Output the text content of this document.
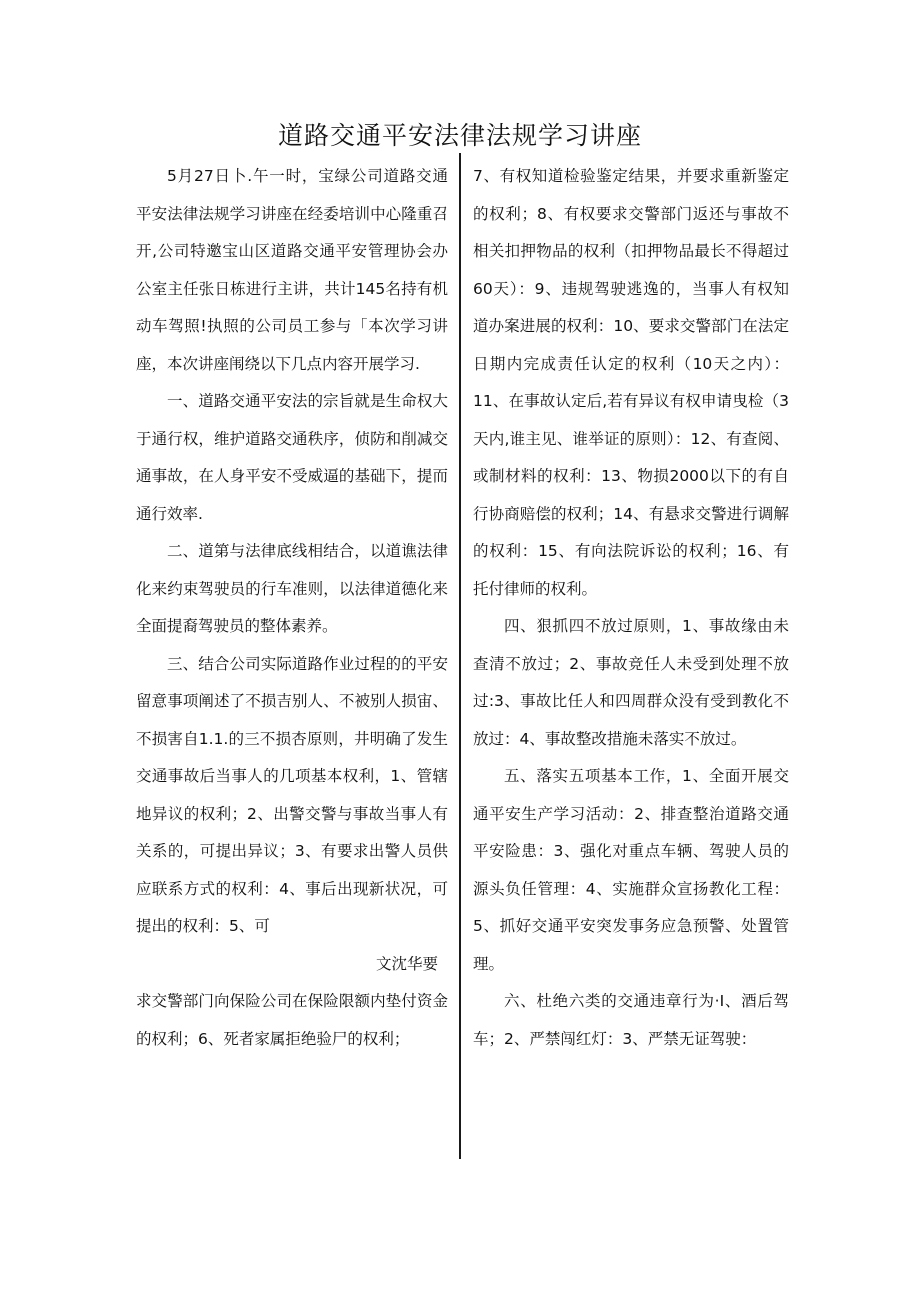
道路交通平安法律法规学习讲座

5月27日卜.午一时，宝绿公司道路交通平安法律法规学习讲座在经委培训中心隆重召开,公司特邀宝山区道路交通平安管理协会办公室主任张日栋进行主讲，共计145名持有机动车驾照!执照的公司员工参与「本次学习讲座，本次讲座闱绕以下几点内容开展学习.

一、道路交通平安法的宗旨就是生命权大于通行权，维护道路交通秩序，侦防和削减交通事故，在人身平安不受威逼的基础下，提而通行效率.

二、道第与法律底线相结合，以道谯法律化来约束驾驶员的行车准则，以法律道德化来全面提裔驾驶员的整体素养。

三、结合公司实际道路作业过程的的平安留意事项阐述了不损吉别人、不被别人损宙、不损害自1.1.的三不损杏原则，井明确了发生交通事故后当事人的几项基本权利，1、管辖地异议的权利；2、出警交警与事故当事人有关系的，可提出异议；3、有要求出警人员供应联系方式的权利：4、事后出现新状况，可提出的权利：5、可

文沈华要

求交警部门向保险公司在保险限额内垫付资金的权利；6、死者家属拒绝验尸的权利；

7、有权知道检验鉴定结果，并要求重新鉴定的权利；8、有权要求交警部门返还与事故不相关扣押物品的权利（扣押物品最长不得超过60天）：9、违规驾驶逃逸的，当事人有权知道办案进展的权利：10、要求交警部门在法定日期内完成责任认定的权利（10天之内）：11、在事故认定后,若有异议有权申请曳检（3天内,谁主见、谁举证的原则）：12、有查阅、或制材料的权利：13、物损2000以下的有自行协商赔偿的权利；14、有悬求交警进行调解的权利：15、有向法院诉讼的权利；16、有托付律师的权利。

四、狠抓四不放过原则，1、事故缘由未查清不放过；2、事故竞任人未受到处理不放过:3、事故比任人和四周群众没有受到教化不放过：4、事故整改措施未落实不放过。

五、落实五项基本工作，1、全面开展交通平安生产学习活动：2、排查整治道路交通平安险患：3、强化对重点车辆、驾驶人员的源头负任管理：4、实施群众宣扬教化工程：5、抓好交通平安突发事务应急预警、处置管理。

六、杜绝六类的交通违章行为·I、酒后驾车；2、严禁闯红灯：3、严禁无证驾驶：
